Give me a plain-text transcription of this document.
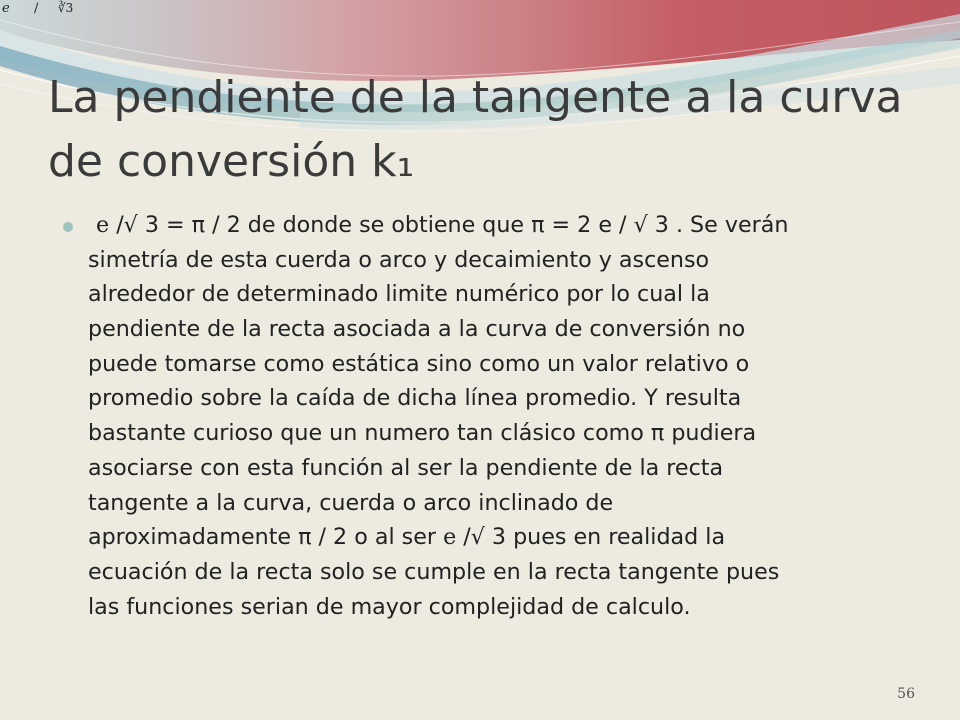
e / ∛3
La pendiente de la tangente a la curva de conversión k₁
e /√ 3 = π / 2 de donde se obtiene que π = 2 e / √ 3 . Se verán
simetría de esta cuerda o arco y decaimiento y ascenso
alrededor de determinado limite numérico por lo cual la
pendiente de la recta asociada a la curva de conversión no
puede tomarse como estática sino como un valor relativo o
promedio sobre la caída de dicha línea promedio. Y resulta
bastante curioso que un numero tan clásico como π pudiera
asociarse con esta función al ser la pendiente de la recta
tangente a la curva, cuerda o arco inclinado de
aproximadamente π / 2 o al ser e /√ 3 pues en realidad la
ecuación de la recta solo se cumple en la recta tangente pues
las funciones serian de mayor complejidad de calculo.
56
